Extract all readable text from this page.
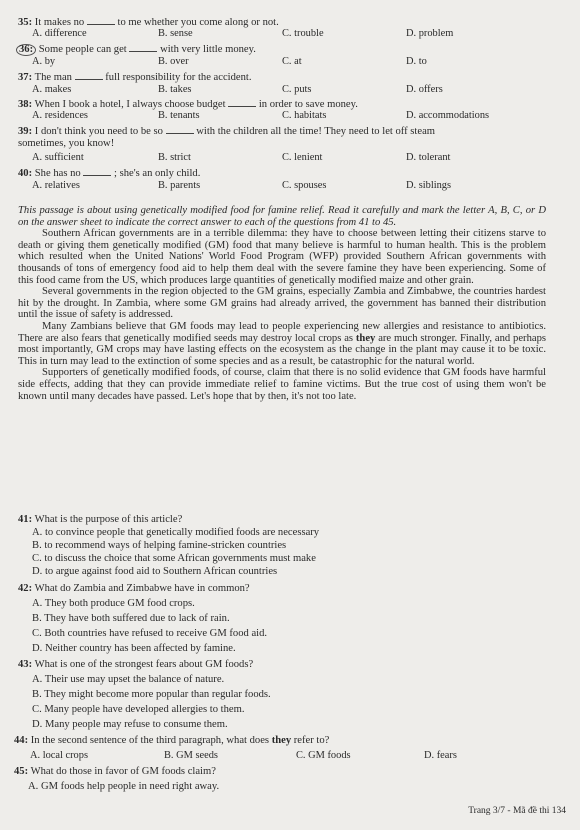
35: It makes no	to me whether you come along or not.
A. difference	B. sense	C. trouble	D. problem
36: Some people can get	with very little money.
A. by	B. over	C. at	D. to
37: The man	full responsibility for the accident.
A. makes	B. takes	C. puts	D. offers
38: When I book a hotel, I always choose budget	in order to save money.
A. residences	B. tenants	C. habitats	D. accommodations
39: I don't think you need to be so	with the children all the time! They need to let off steam
sometimes, you know!
A. sufficient	B. strict	C. lenient	D. tolerant
40: She has no	; she's an only child.
A. relatives	B. parents	C. spouses	D. siblings

This passage is about using genetically modified food for famine relief. Read it carefully and mark the letter A, B, C, or D on the answer sheet to indicate the correct answer to each of the questions from 41 to 45.

Southern African governments are in a terrible dilemma: they have to choose between letting their citizens starve to death or giving them genetically modified (GM) food that many believe is harmful to human health. This is the problem which resulted when the United Nations' World Food Program (WFP) provided Southern African governments with thousands of tons of emergency food aid to help them deal with the severe famine they have been experiencing. Some of this food came from the US, which produces large quantities of genetically modified maize and other grain.

Several governments in the region objected to the GM grains, especially Zambia and Zimbabwe, the countries hardest hit by the drought. In Zambia, where some GM grains had already arrived, the government has banned their distribution until the issue of safety is addressed.

Many Zambians believe that GM foods may lead to people experiencing new allergies and resistance to antibiotics. There are also fears that genetically modified seeds may destroy local crops as they are much stronger. Finally, and perhaps most importantly, GM crops may have lasting effects on the ecosystem as the change in the plant may cause it to be toxic. This in turn may lead to the extinction of some species and as a result, be catastrophic for the natural world.

Supporters of genetically modified foods, of course, claim that there is no solid evidence that GM foods have harmful side effects, adding that they can provide immediate relief to famine victims. But the true cost of using them won't be known until many decades have passed. Let's hope that by then, it's not too late.

41: What is the purpose of this article?
A. to convince people that genetically modified foods are necessary
B. to recommend ways of helping famine-stricken countries
C. to discuss the choice that some African governments must make
D. to argue against food aid to Southern African countries
42: What do Zambia and Zimbabwe have in common?
A. They both produce GM food crops.
B. They have both suffered due to lack of rain.
C. Both countries have refused to receive GM food aid.
D. Neither country has been affected by famine.
43: What is one of the strongest fears about GM foods?
A. Their use may upset the balance of nature.
B. They might become more popular than regular foods.
C. Many people have developed allergies to them.
D. Many people may refuse to consume them.
44: In the second sentence of the third paragraph, what does they refer to?
A. local crops	B. GM seeds	C. GM foods	D. fears
45: What do those in favor of GM foods claim?
A. GM foods help people in need right away.
Trang 3/7 - Mã đề thi 134
